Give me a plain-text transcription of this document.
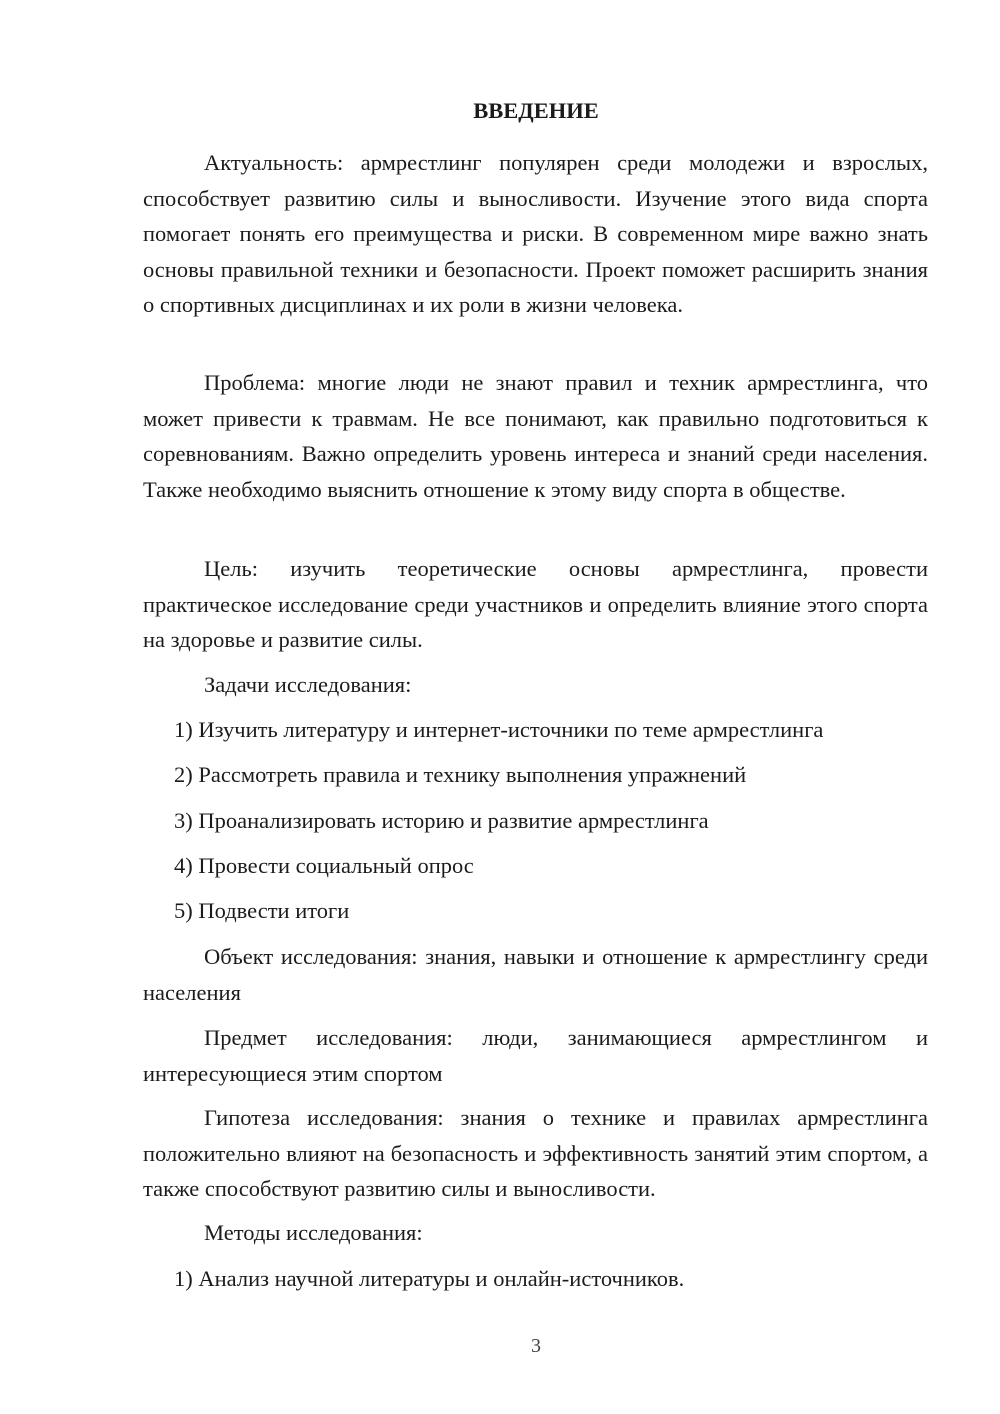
ВВЕДЕНИЕ

Актуальность: армрестлинг популярен среди молодежи и взрослых, способствует развитию силы и выносливости. Изучение этого вида спорта помогает понять его преимущества и риски. В современном мире важно знать основы правильной техники и безопасности. Проект поможет расширить знания о спортивных дисциплинах и их роли в жизни человека.

Проблема: многие люди не знают правил и техник армрестлинга, что может привести к травмам. Не все понимают, как правильно подготовиться к соревнованиям. Важно определить уровень интереса и знаний среди населения. Также необходимо выяснить отношение к этому виду спорта в обществе.

Цель: изучить теоретические основы армрестлинга, провести практическое исследование среди участников и определить влияние этого спорта на здоровье и развитие силы.

Задачи исследования:

1) Изучить литературу и интернет-источники по теме армрестлинга

2) Рассмотреть правила и технику выполнения упражнений

3) Проанализировать историю и развитие армрестлинга

4) Провести социальный опрос

5) Подвести итоги

Объект исследования: знания, навыки и отношение к армрестлингу среди населения

Предмет исследования: люди, занимающиеся армрестлингом и интересующиеся этим спортом

Гипотеза исследования: знания о технике и правилах армрестлинга положительно влияют на безопасность и эффективность занятий этим спортом, а также способствуют развитию силы и выносливости.

Методы исследования:

1) Анализ научной литературы и онлайн-источников.

3
